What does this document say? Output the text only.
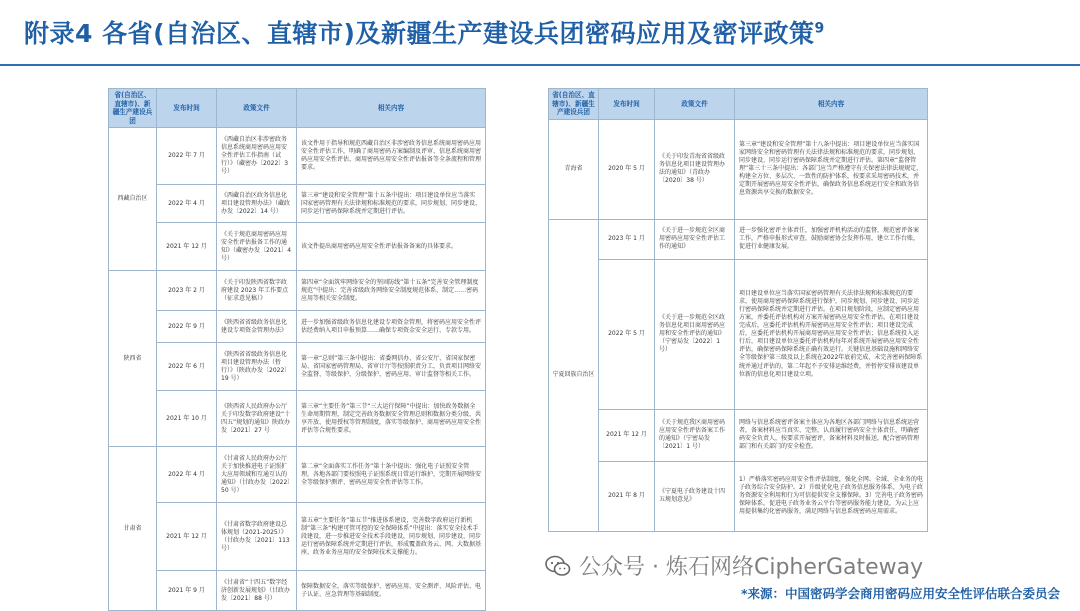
附录4 各省(自治区、直辖市)及新疆生产建设兵团密码应用及密评政策$^9$
省(自治区、直辖市)、新疆生产建设兵团	发布时间	政策文件	相关内容
西藏自治区	2022 年 7 月	《西藏自治区非涉密政务信息系统商用密码应用安全性评估工作指南（试行）》（藏密办〔2022〕3 号）	该文件用于指导和规范西藏自治区非涉密政务信息系统商用密码应用安全性评估工作，明确了商用密码方案编制及评审、信息系统商用密码应用安全性评估、商用密码应用安全性评估报备等全条流程和管理要求。
	2022 年 4 月	《西藏自治区政务信息化项目建设管理办法》（藏政办发〔2022〕14 号）	第三章“建设和安全管理”第十五条中提出：项目建设单位应当落实国家密码管理有关法律规和标准规范的要求，同步规划、同步建设、同步运行密码保障系统并定期进行评估。
	2021 年 12 月	《关于规范商用密码应用安全性评估报备工作的通知》（藏密办发〔2021〕4 号）	该文件提出商用密码应用安全性评估报备备案的具体要求。
陕西省	2023 年 2 月	《关于印发陕西省数字政府建设 2023 年工作要点（征求意见稿）》	第四章“全面筑牢网络安全的坚固防线”第十五条“完善安全管理制度规范”中提出：完善省级政务网络安全制度规范体系，制定……密码应用等相关安全制度。
	2022 年 9 月	《陕西省省级政务信息化建设专项资金管理办法》	进一步加强省级政务信息化建设专项资金管理，将密码应用安全性评估经费纳入项目申报预算……确保专项资金安全运行、专款专用。
	2022 年 6 月	《陕西省省级政务信息化项目建设管理办法（暂行）》（陕政办发〔2022〕19 号）	第一章“总则”第三条中提出：省委网信办、省公安厅、省国家保密局、省国家密码管理局、省审计厅等按照职责分工，负责项目网络安全监督、等级保护、分级保护、密码应用、审计监督等相关工作。
	2021 年 10 月	《陕西省人民政府办公厅关于印发数字政府建设“十四五”规划的通知》陕政办发〔2021〕27 号	第三章“主要任务”第三节“三大运行保障”中提出：加快政务数据全生命周期管理，制定完善政务数据安全管理总则和数据分类分级、共享开放、使用授权等管理制度，落实等级保护、商用密码应用安全性评估等合规性要求。
甘肃省	2022 年 4 月	《甘肃省人民政府办公厅关于加快推进电子证照扩大应用领域和互通互认的通知》（甘政办发〔2022〕50 号）	第二章“全面落实工作任务”第十条中提出：强化电子证照安全管理，各地各部门要按照电子证照系统日常运行维护，完期开展网络安全等级保护测评、密码应用安全性评估等工作。
	2021 年 12 月	《甘肃省数字政府建设总体规划（2021-2025）》（甘政办发〔2021〕113 号）	第五章“主要任务”第五节“推进体系建设，完善数字政府运行新机制”第三条“构建可管可控的安全保障体系”中提出：落实安全技术手段建设，进一步推进安全技术手段建设，同步规划、同步建设、同步运行密码保障系统并定期进行评估，形成覆盖政务云、网、大数据基座、政务业务应用的安全保障技术支撑能力。
	2021 年 9 月	《甘肃省“十四五”数字经济创新发展规划》（甘政办发〔2021〕88 号）	保障数据安全，落实等级保护、密码应用、安全测评、风险评估、电子认证、应急管理等基础制度。
省(自治区、直辖市)、新疆生产建设兵团	发布时间	政策文件	相关内容
青海省	2020 年 5 月	《关于印发青海省省级政务信息化项目建设管理办法的通知》（青政办〔2020〕38 号）	第三章“建设和安全管理”第十八条中提出：项目建设单位应当落实国家网络安全和密码管理有关法律法规和标准规范的要求，同步规划、同步建设、同步运行密码保障系统并定期进行评估。第四章“监督管理”第三十三条中提出：各部门应当严格遵守有关保密法律法规规定，构建全方位、多层次、一致性的防护体系，按要求采用密码技术，并定期开展密码应用安全性评估，确保政务信息系统运行安全和政务信息资源共享交换的数据安全。
宁夏回族自治区	2023 年 1 月	《关于进一步规范全区商用密码应用安全性评估工作的通知》	进一步强化密评主体责任，加强密评机构活动的监督，规范密评备案工作，严格申报形式审查，鼓励商密协会发挥作用，建立工作台账，促进行业健康发展。
	2022 年 5 月	《关于进一步规范全区政务信息化项目商用密码应用和安全性评估的通知》（宁密局发〔2022〕1 号）	项目建设单位应当落实国家密码管理有关法律法规和标准规范的要求，使用商用密码保障系统进行保护，同步规划、同步建设、同步运行密码保障系统并定期进行评估。在项目规划阶段，应制定密码应用方案，并委托评估机构对方案开展密码应用安全性评估。在项目建设完成后，应委托评估机构开展密码应用安全性评估；项目建设完成后，应委托评估机构开展商用密码应用安全性评估；信息系统投入运行后，项目建设单位应委托评估机构每年对系统开展密码应用安全性评估，确保密码保障系统正确有效运行。关键信息基础设施和网络安全等级保护第三级及以上系统在2022年底前完成，未完善密码保障系统并通过评估的，第二年起不予安排运维经费，并暂停安排该建设单位新的信息化项目建设立项。
	2021 年 12 月	《关于规范我区商用密码应用安全性评估备案工作的通知》（宁密局发〔2021〕1 号）	网络与信息系统密评备案主体应为各地区各部门网络与信息系统运营者，备案材料应当真实、完整，认真履行密码安全主体责任，明确密码安全负责人，按要求开展密评，备案材料及时报送，配合密码管理部门和有关部门的安全检查。
	2021 年 8 月	《宁夏电子政务建设十四五规划意见》	1）严格落实密码应用安全性评估制度，强化全网、全域、全业务的电子政务综合安全防护。2）升级优化电子政务信息服务体系，为电子政务资源安全利用和行为可信提供安全支撑保障。3）完善电子政务密码保障体系，促进电子政务业务云平台等密码服务能力建设，为云上应用提供集约化密码服务，满足网络与信息系统密码应用需求。
公众号 · 炼石网络CipherGateway
*来源：中国密码学会商用密码应用安全性评估联合委员会
